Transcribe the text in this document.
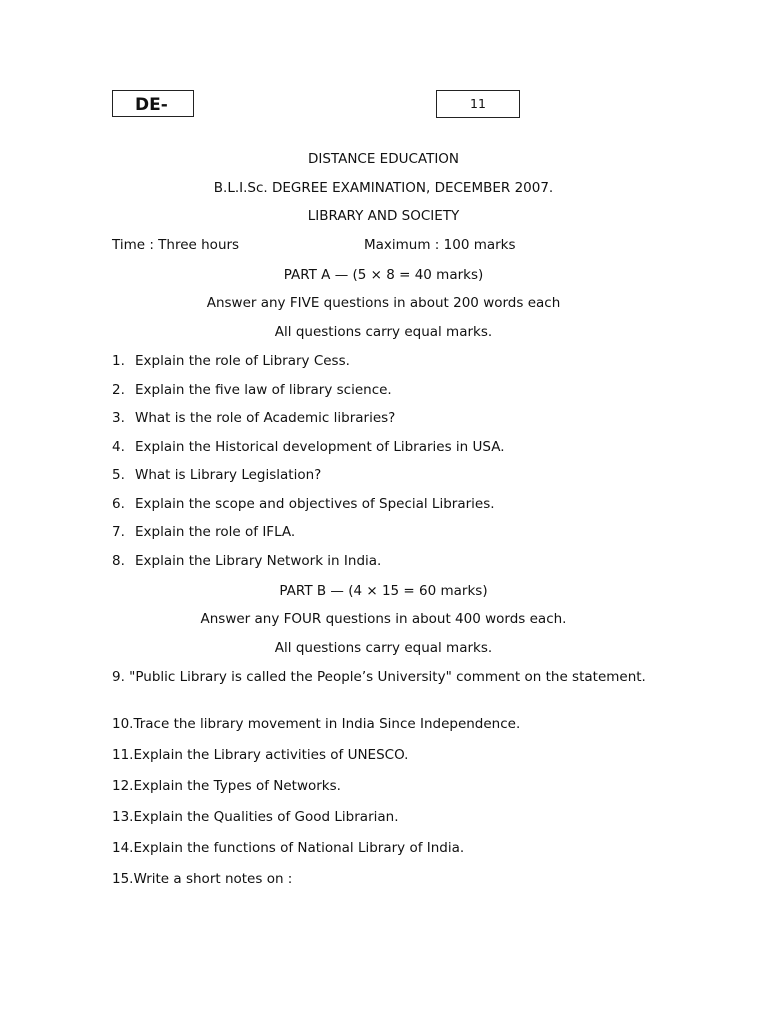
DE-	11
DISTANCE EDUCATION
B.L.I.Sc. DEGREE EXAMINATION, DECEMBER 2007.
LIBRARY AND SOCIETY
Time : Three hours	Maximum : 100 marks
PART A — (5 × 8 = 40 marks)
Answer any FIVE questions in about 200 words each
All questions carry equal marks.
1. Explain the role of Library Cess.
2. Explain the five law of library science.
3. What is the role of Academic libraries?
4. Explain the Historical development of Libraries in USA.
5. What is Library Legislation?
6. Explain the scope and objectives of Special Libraries.
7. Explain the role of IFLA.
8. Explain the Library Network in India.
PART B — (4 × 15 = 60 marks)
Answer any FOUR questions in about 400 words each.
All questions carry equal marks.
9. "Public Library is called the People’s University" comment on the statement.
10.Trace the library movement in India Since Independence.
11.Explain the Library activities of UNESCO.
12.Explain the Types of Networks.
13.Explain the Qualities of Good Librarian.
14.Explain the functions of National Library of India.
15.Write a short notes on :
